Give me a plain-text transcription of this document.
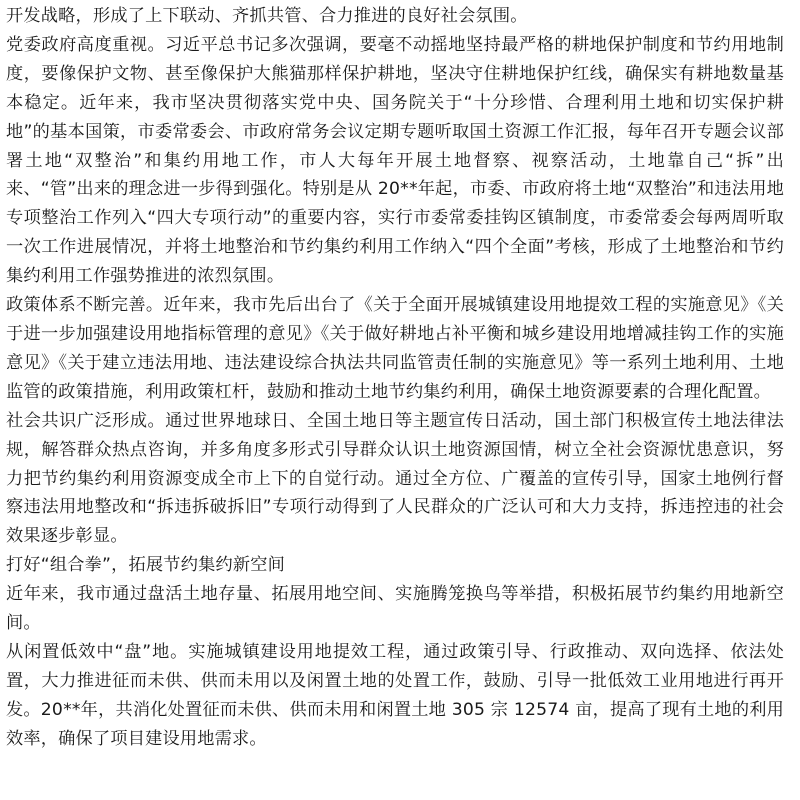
开发战略，形成了上下联动、齐抓共管、合力推进的良好社会氛围。

党委政府高度重视。习近平总书记多次强调，要毫不动摇地坚持最严格的耕地保护制度和节约用地制度，要像保护文物、甚至像保护大熊猫那样保护耕地，坚决守住耕地保护红线，确保实有耕地数量基本稳定。近年来，我市坚决贯彻落实党中央、国务院关于“十分珍惜、合理利用土地和切实保护耕地”的基本国策，市委常委会、市政府常务会议定期专题听取国土资源工作汇报，每年召开专题会议部署土地“双整治”和集约用地工作，市人大每年开展土地督察、视察活动，土地靠自己“拆”出来、“管”出来的理念进一步得到强化。特别是从 20**年起，市委、市政府将土地“双整治”和违法用地专项整治工作列入“四大专项行动”的重要内容，实行市委常委挂钩区镇制度，市委常委会每两周听取一次工作进展情况，并将土地整治和节约集约利用工作纳入“四个全面”考核，形成了土地整治和节约集约利用工作强势推进的浓烈氛围。

政策体系不断完善。近年来，我市先后出台了《关于全面开展城镇建设用地提效工程的实施意见》《关于进一步加强建设用地指标管理的意见》《关于做好耕地占补平衡和城乡建设用地增减挂钩工作的实施意见》《关于建立违法用地、违法建设综合执法共同监管责任制的实施意见》等一系列土地利用、土地监管的政策措施，利用政策杠杆，鼓励和推动土地节约集约利用，确保土地资源要素的合理化配置。

社会共识广泛形成。通过世界地球日、全国土地日等主题宣传日活动，国土部门积极宣传土地法律法规，解答群众热点咨询，并多角度多形式引导群众认识土地资源国情，树立全社会资源忧患意识，努力把节约集约利用资源变成全市上下的自觉行动。通过全方位、广覆盖的宣传引导，国家土地例行督察违法用地整改和“拆违拆破拆旧”专项行动得到了人民群众的广泛认可和大力支持，拆违控违的社会效果逐步彰显。

打好“组合拳”，拓展节约集约新空间

近年来，我市通过盘活土地存量、拓展用地空间、实施腾笼换鸟等举措，积极拓展节约集约用地新空间。

从闲置低效中“盘”地。实施城镇建设用地提效工程，通过政策引导、行政推动、双向选择、依法处置，大力推进征而未供、供而未用以及闲置土地的处置工作，鼓励、引导一批低效工业用地进行再开发。20**年，共消化处置征而未供、供而未用和闲置土地 305 宗 12574 亩，提高了现有土地的利用效率，确保了项目建设用地需求。
